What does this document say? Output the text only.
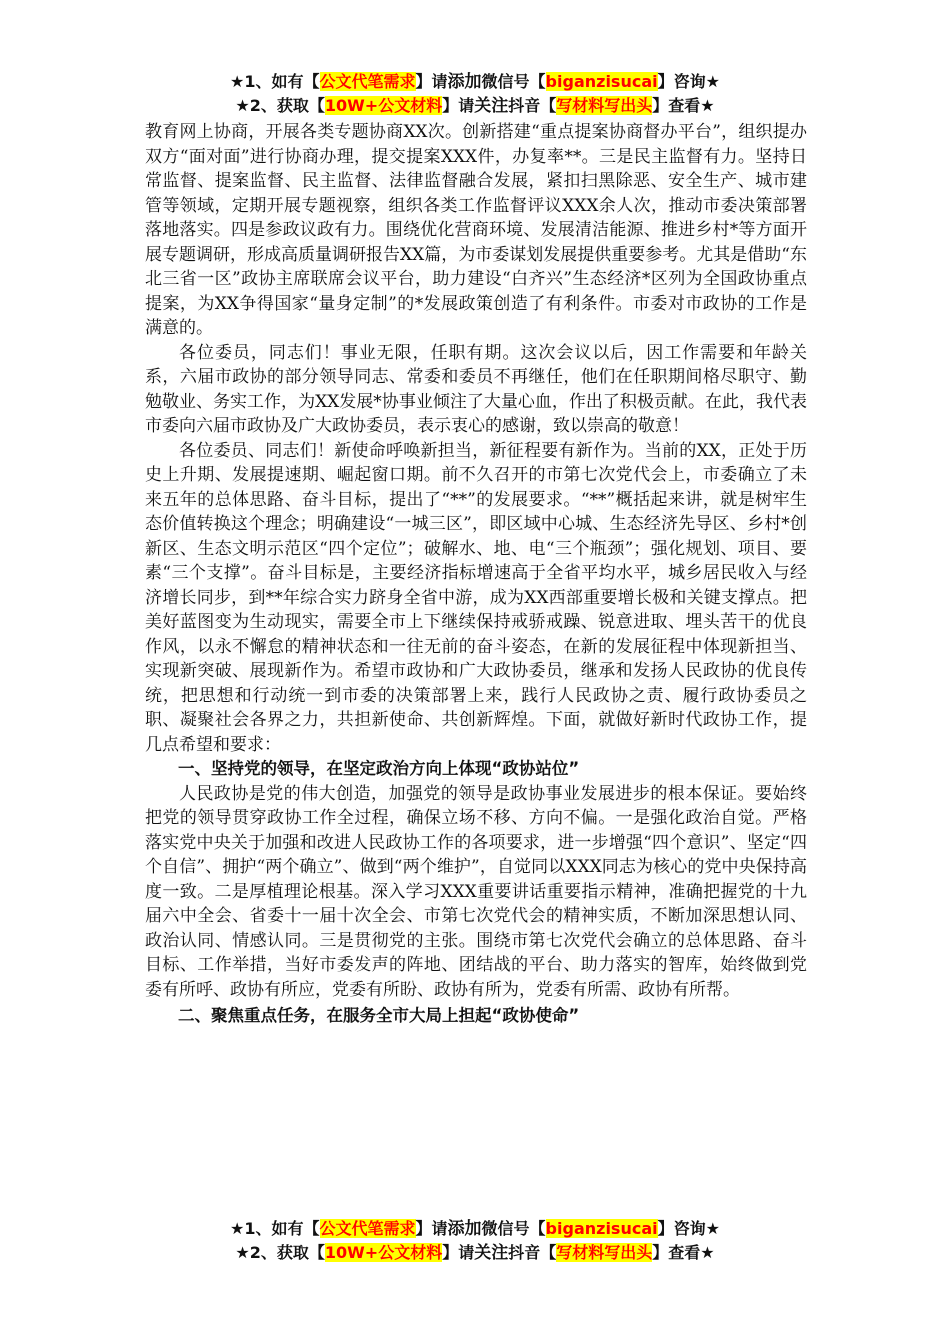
★1、如有【公文代笔需求】请添加微信号【biganzisucai】咨询★
★2、获取【10W+公文材料】请关注抖音【写材料写出头】查看★

教育网上协商，开展各类专题协商XX次。创新搭建“重点提案协商督办平台”，组织提办双方“面对面”进行协商办理，提交提案XXX件，办复率**。三是民主监督有力。坚持日常监督、提案监督、民主监督、法律监督融合发展，紧扣扫黑除恶、安全生产、城市建管等领域，定期开展专题视察，组织各类工作监督评议XXX余人次，推动市委决策部署落地落实。四是参政议政有力。围绕优化营商环境、发展清洁能源、推进乡村*等方面开展专题调研，形成高质量调研报告XX篇，为市委谋划发展提供重要参考。尤其是借助“东北三省一区”政协主席联席会议平台，助力建设“白齐兴”生态经济*区列为全国政协重点提案，为XX争得国家“量身定制”的*发展政策创造了有利条件。市委对市政协的工作是满意的。

各位委员，同志们！事业无限，任职有期。这次会议以后，因工作需要和年龄关系，六届市政协的部分领导同志、常委和委员不再继任，他们在任职期间格尽职守、勤勉敬业、务实工作，为XX发展*协事业倾注了大量心血，作出了积极贡献。在此，我代表市委向六届市政协及广大政协委员，表示衷心的感谢，致以崇高的敬意！

各位委员、同志们！新使命呼唤新担当，新征程要有新作为。当前的XX，正处于历史上升期、发展提速期、崛起窗口期。前不久召开的市第七次党代会上，市委确立了未来五年的总体思路、奋斗目标，提出了“**”的发展要求。“**”概括起来讲，就是树牢生态价值转换这个理念；明确建设“一城三区”，即区域中心城、生态经济先导区、乡村*创新区、生态文明示范区“四个定位”；破解水、地、电“三个瓶颈”；强化规划、项目、要素“三个支撑”。奋斗目标是，主要经济指标增速高于全省平均水平，城乡居民收入与经济增长同步，到**年综合实力跻身全省中游，成为XX西部重要增长极和关键支撑点。把美好蓝图变为生动现实，需要全市上下继续保持戒骄戒躁、锐意进取、埋头苦干的优良作风，以永不懈怠的精神状态和一往无前的奋斗姿态，在新的发展征程中体现新担当、实现新突破、展现新作为。希望市政协和广大政协委员，继承和发扬人民政协的优良传统，把思想和行动统一到市委的决策部署上来，践行人民政协之责、履行政协委员之职、凝聚社会各界之力，共担新使命、共创新辉煌。下面，就做好新时代政协工作，提几点希望和要求：

一、坚持党的领导，在坚定政治方向上体现“政协站位”

人民政协是党的伟大创造，加强党的领导是政协事业发展进步的根本保证。要始终把党的领导贯穿政协工作全过程，确保立场不移、方向不偏。一是强化政治自觉。严格落实党中央关于加强和改进人民政协工作的各项要求，进一步增强“四个意识”、坚定“四个自信”、拥护“两个确立”、做到“两个维护”，自觉同以XXX同志为核心的党中央保持高度一致。二是厚植理论根基。深入学习XXX重要讲话重要指示精神，准确把握党的十九届六中全会、省委十一届十次全会、市第七次党代会的精神实质，不断加深思想认同、政治认同、情感认同。三是贯彻党的主张。围绕市第七次党代会确立的总体思路、奋斗目标、工作举措，当好市委发声的阵地、团结战的平台、助力落实的智库，始终做到党委有所呼、政协有所应，党委有所盼、政协有所为，党委有所需、政协有所帮。

二、聚焦重点任务，在服务全市大局上担起“政协使命”

★1、如有【公文代笔需求】请添加微信号【biganzisucai】咨询★
★2、获取【10W+公文材料】请关注抖音【写材料写出头】查看★
